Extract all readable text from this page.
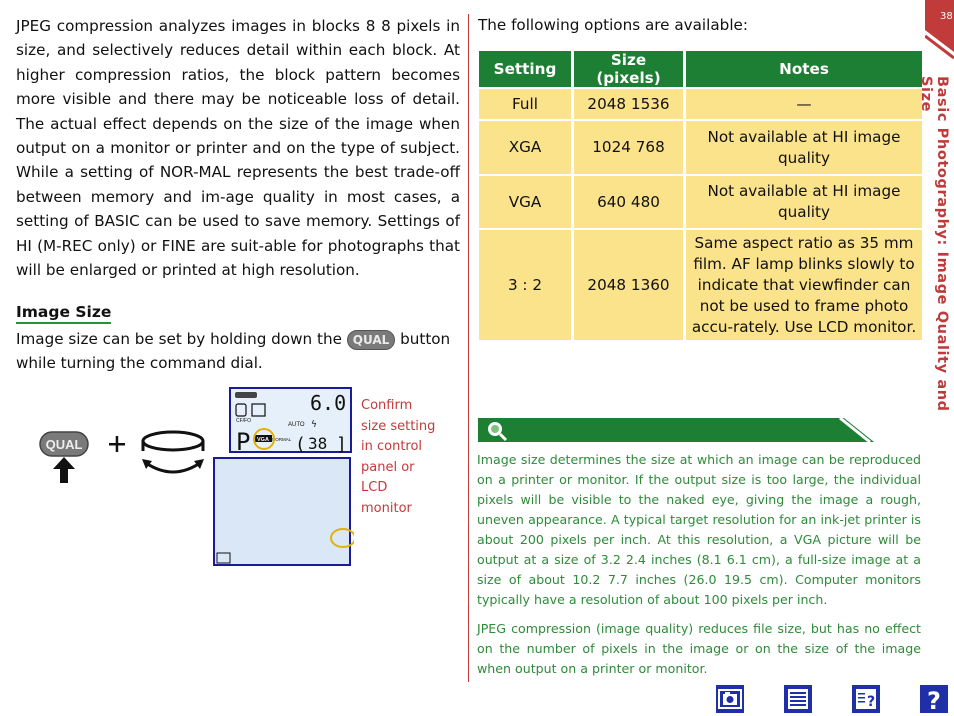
JPEG compression analyzes images in blocks 8 8 pixels in size, and selectively reduces detail within each block. At higher compression ratios, the block pattern becomes more visible and there may be noticeable loss of detail. The actual effect depends on the size of the image when output on a monitor or printer and on the type of subject. While a setting of NOR-MAL represents the best trade-off between memory and im-age quality in most cases, a setting of BASIC can be used to save memory. Settings of HI (M-REC only) or FINE are suit-able for photographs that will be enlarged or printed at high resolution.

Image Size

Image size can be set by holding down the QUAL button while turning the command dial.

QUAL
CF/FO
6.0
AUTO ϟ
P VGA NORMAL ( 38 ]
Confirm size setting in control panel or LCD monitor
The following options are available:
Setting	Size (pixels)	Notes
Full	2048 1536	—
XGA	1024 768	Not available at HI image quality
VGA	640 480	Not available at HI image quality
3 : 2	2048 1360	Same aspect ratio as 35 mm film. AF lamp blinks slowly to indicate that viewfinder can not be used to frame photo accu-rately. Use LCD monitor.

Image size determines the size at which an image can be reproduced on a printer or monitor. If the output size is too large, the individual pixels will be visible to the naked eye, giving the image a rough, uneven appearance. A typical target resolution for an ink-jet printer is about 200 pixels per inch. At this resolution, a VGA picture will be output at a size of 3.2 2.4 inches (8.1 6.1 cm), a full-size image at a size of about 10.2 7.7 inches (26.0 19.5 cm). Computer monitors typically have a resolution of about 100 pixels per inch.

JPEG compression (image quality) reduces file size, but has no effect on the number of pixels in the image or on the size of the image when output on a printer or monitor.

38
Basic Photography: Image Quality and Size
? ?
